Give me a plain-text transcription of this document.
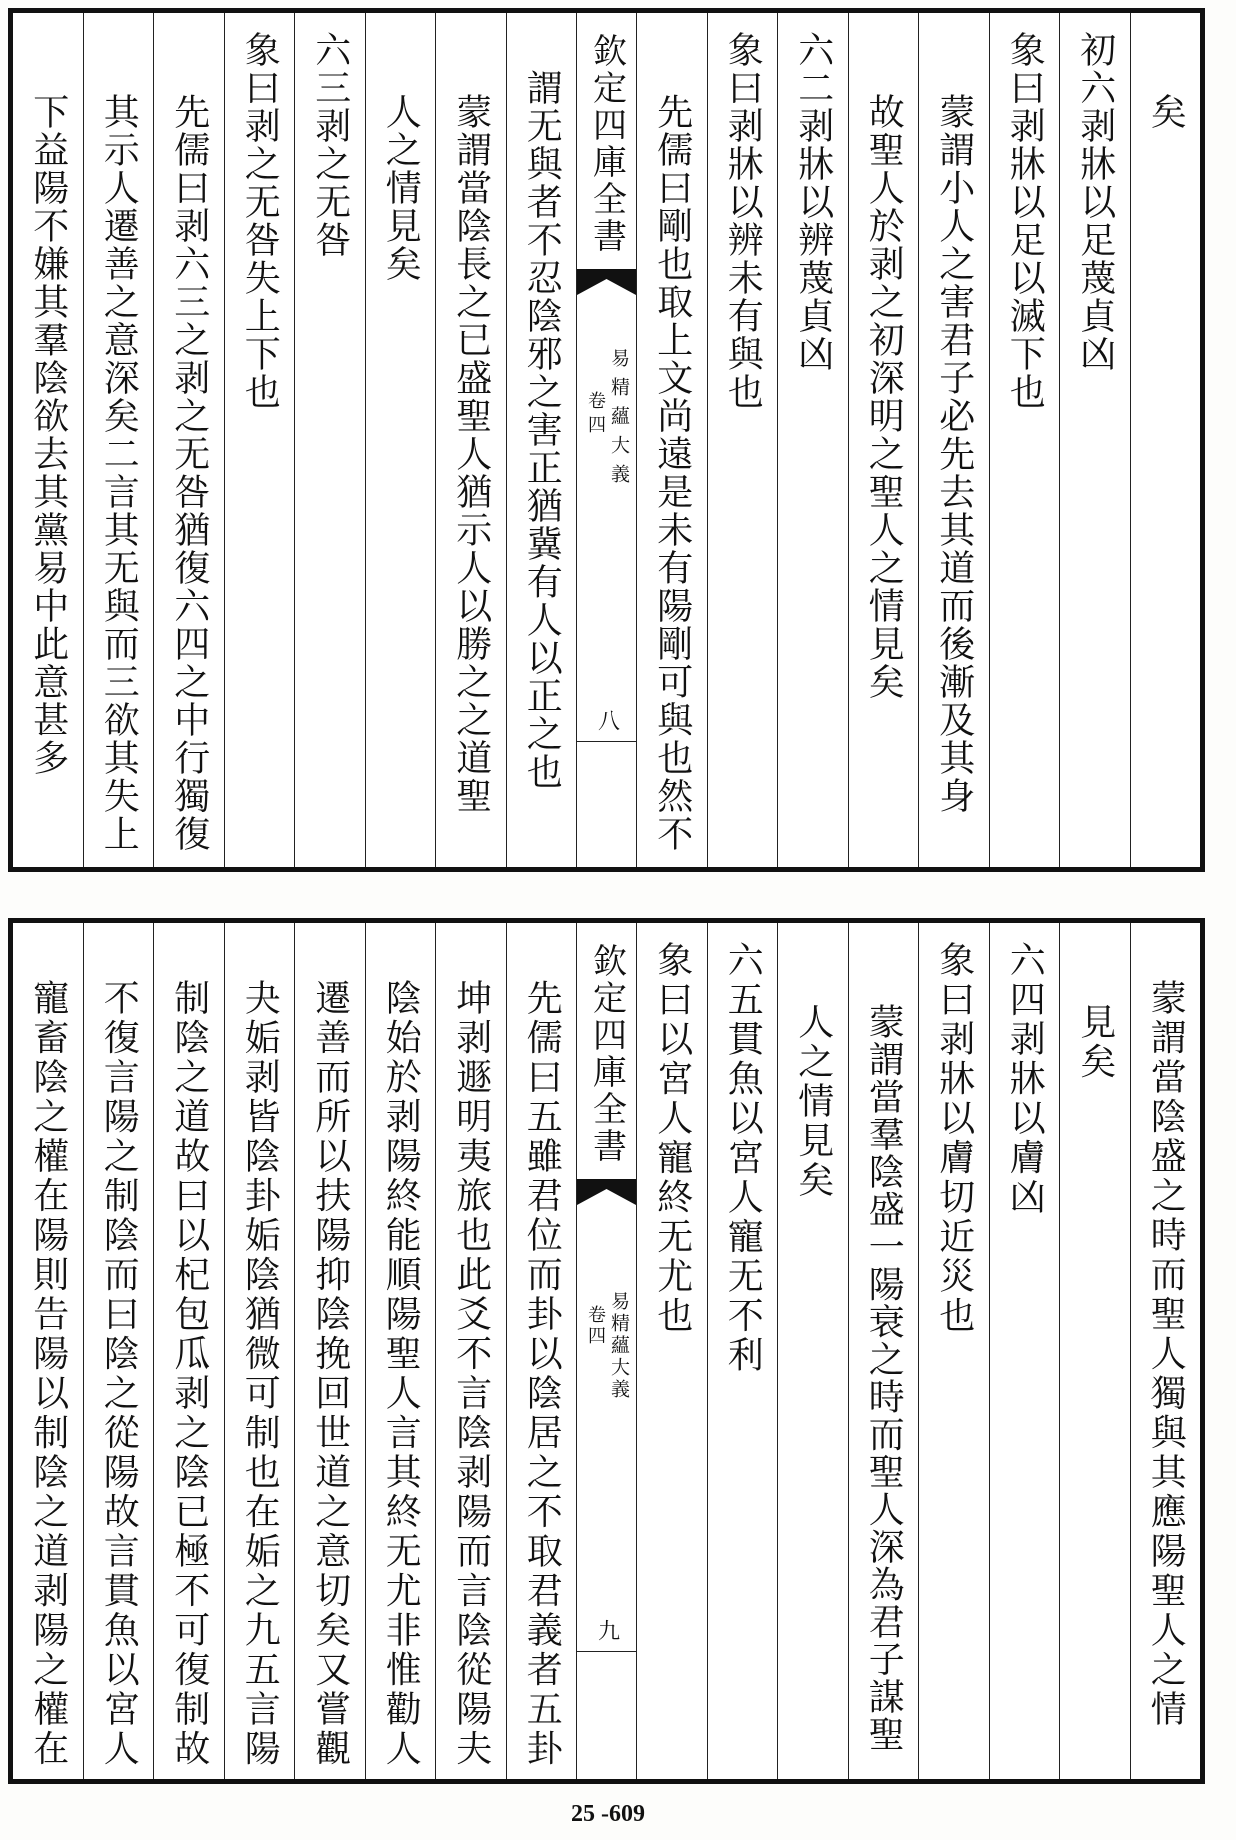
矣
初六剥牀以足蔑貞凶
象曰剥牀以足以滅下也
蒙謂小人之害君子必先去其道而後漸及其身
故聖人於剥之初深明之聖人之情見矣
六二剥牀以辨蔑貞凶
象曰剥牀以辨未有與也
先儒曰剛也取上文尚遠是未有陽剛可與也然不
欽定四庫全書
易精蘊大義
卷四
八
謂无與者不忍陰邪之害正猶冀有人以正之也
蒙謂當陰長之已盛聖人猶示人以勝之之道聖
人之情見矣
六三剥之无咎
象曰剥之无咎失上下也
先儒曰剥六三之剥之无咎猶復六四之中行獨復
其示人遷善之意深矣二言其无與而三欲其失上
下益陽不嫌其羣陰欲去其黨易中此意甚多
蒙謂當陰盛之時而聖人獨與其應陽聖人之情
見矣
六四剥牀以膚凶
象曰剥牀以膚切近災也
蒙謂當羣陰盛一陽衰之時而聖人深為君子謀聖
人之情見矣
六五貫魚以宮人寵无不利
象曰以宮人寵終无尤也
欽定四庫全書
易精蘊大義
卷四
九
先儒曰五雖君位而卦以陰居之不取君義者五卦
坤剥遯明夷旅也此爻不言陰剥陽而言陰從陽夫
陰始於剥陽終能順陽聖人言其終无尤非惟勸人
遷善而所以扶陽抑陰挽回世道之意切矣又嘗觀
夬姤剥皆陰卦姤陰猶微可制也在姤之九五言陽
制陰之道故曰以杞包瓜剥之陰已極不可復制故
不復言陽之制陰而曰陰之從陽故言貫魚以宮人
寵畜陰之權在陽則告陽以制陰之道剥陽之權在
25 -609
